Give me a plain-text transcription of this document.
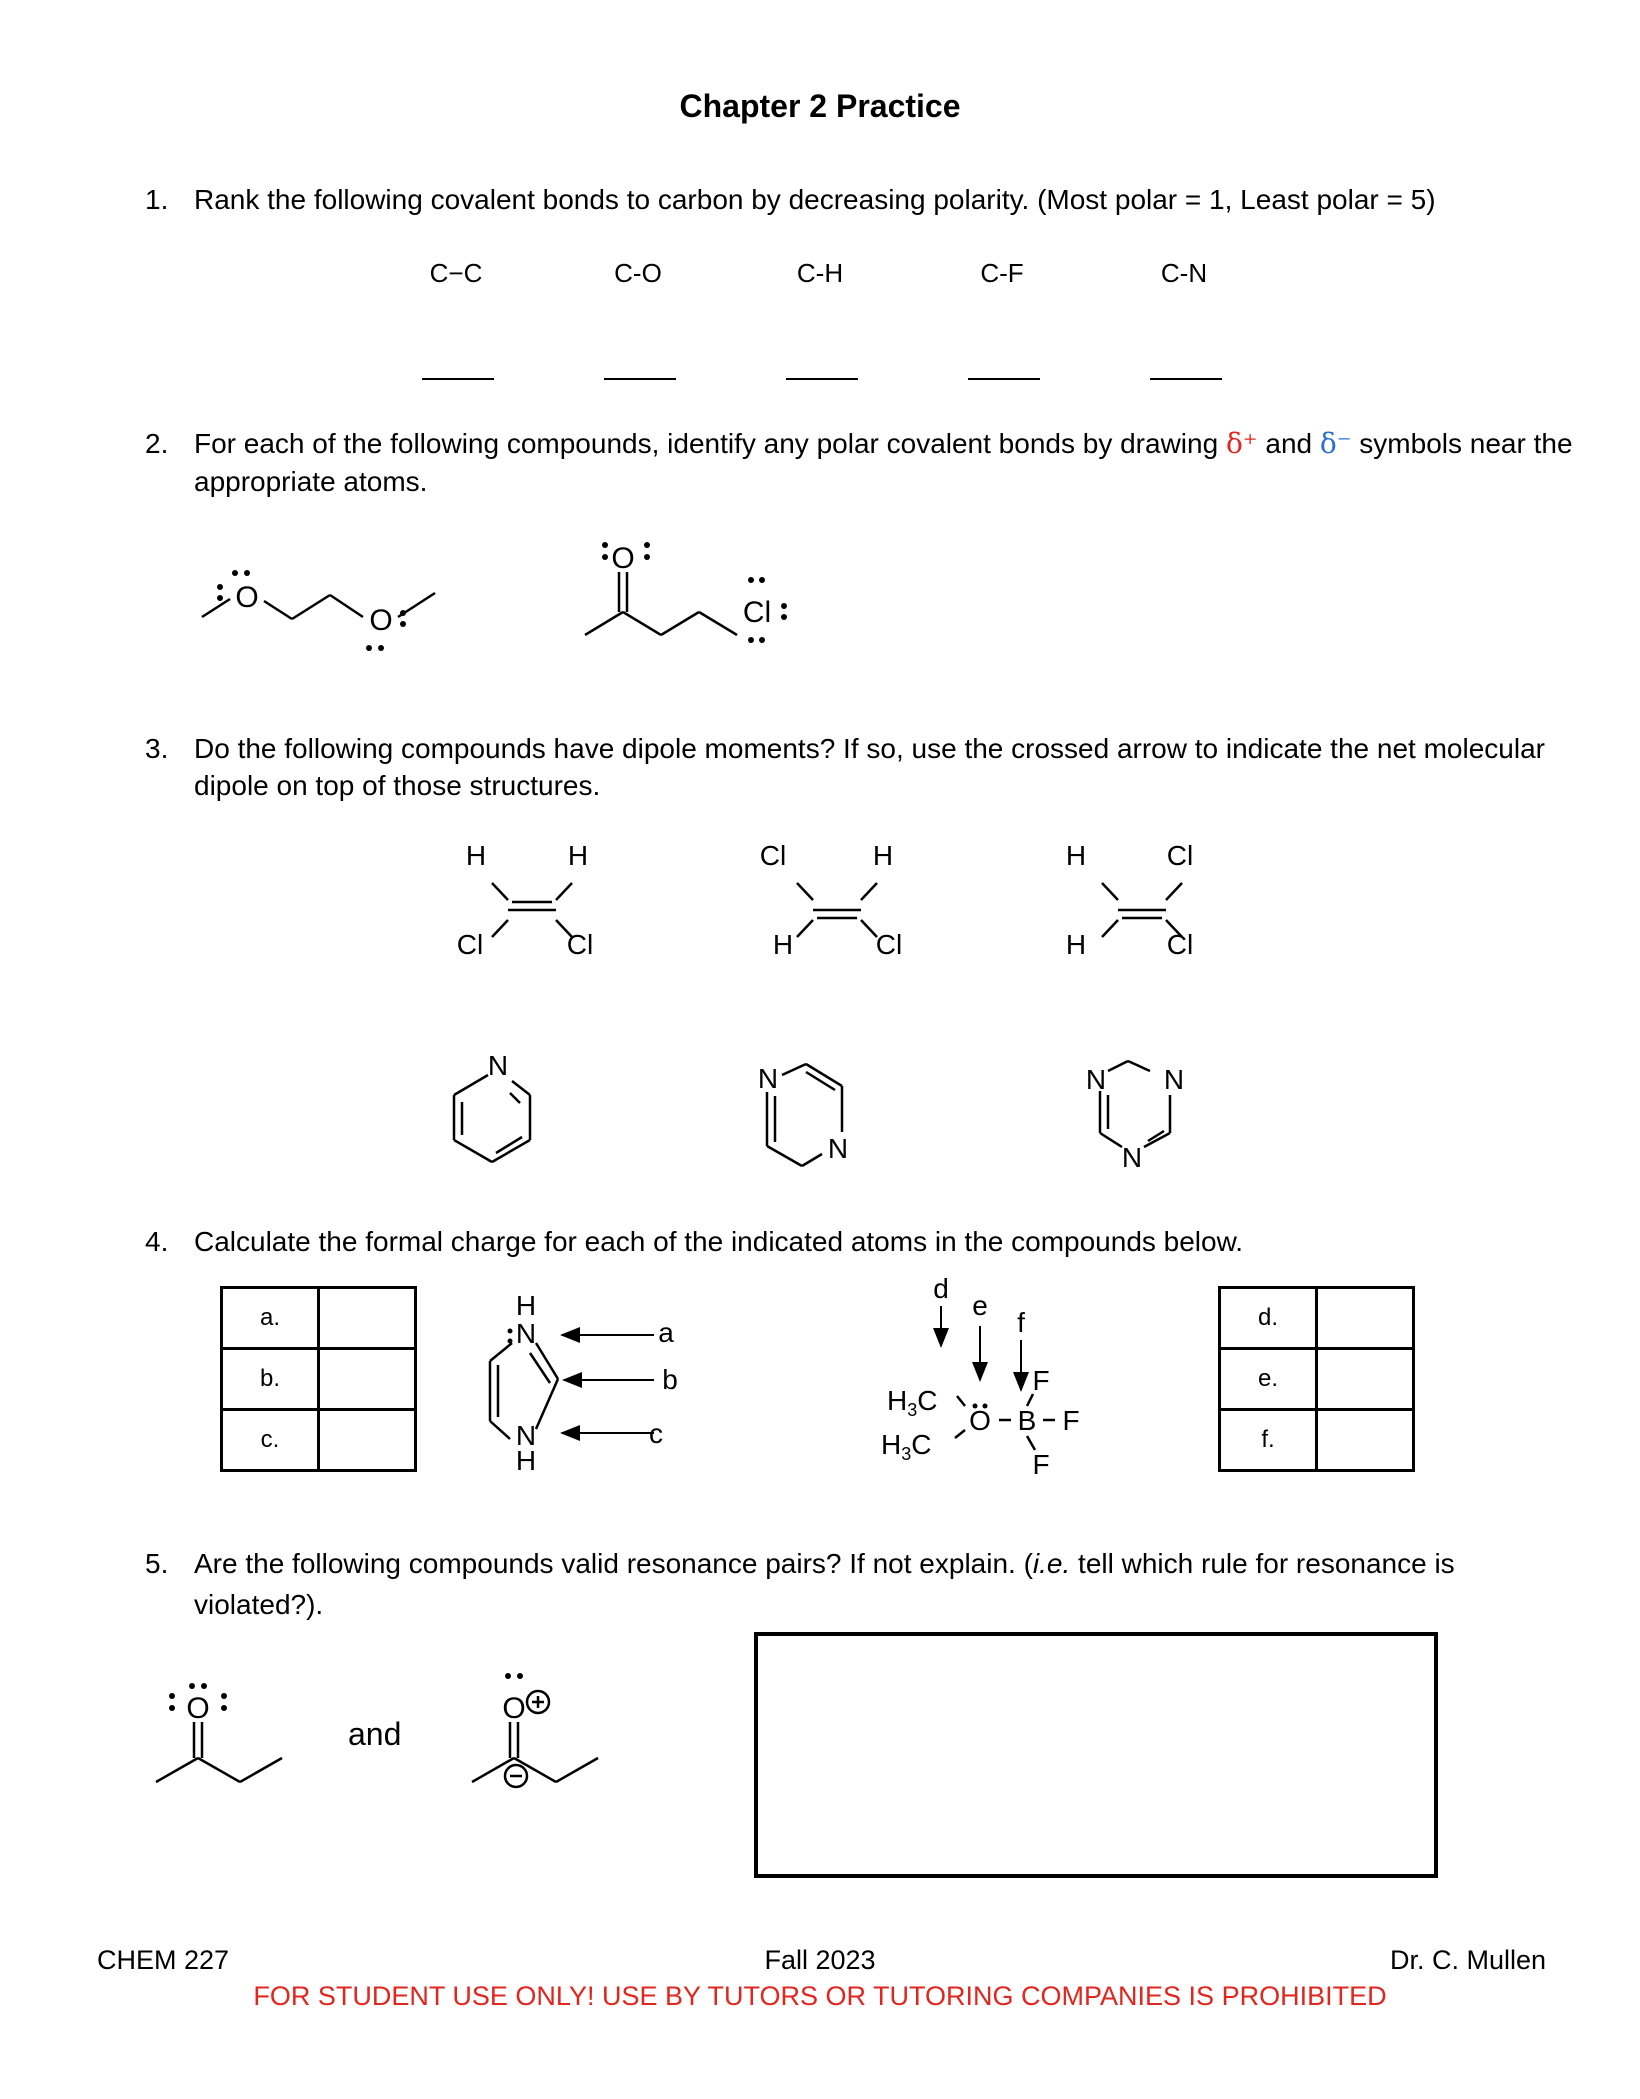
Chapter 2 Practice
1. Rank the following covalent bonds to carbon by decreasing polarity. (Most polar = 1, Least polar = 5)
C−C	C-O	C-H	C-F	C-N
2. For each of the following compounds, identify any polar covalent bonds by drawing δ⁺ and δ⁻ symbols near the
appropriate atoms.
O
O
O
Cl
3. Do the following compounds have dipole moments? If so, use the crossed arrow to indicate the net molecular
dipole on top of those structures.
H	H
Cl	Cl
Cl	H
H	Cl
H	Cl
H	Cl
N	N
N
N N
N
4. Calculate the formal charge for each of the indicated atoms in the compounds below.
a.	
b.	
c.	
d.	
e.	
f.	
H
N
N
H
a
b
c
d
e
f
$H_3C$
$H_3C$
O B F
F
F
5. Are the following compounds valid resonance pairs? If not explain. (i.e. tell which rule for resonance is
violated?).
O
and
O
CHEM 227	Fall 2023	Dr. C. Mullen
FOR STUDENT USE ONLY! USE BY TUTORS OR TUTORING COMPANIES IS PROHIBITED
